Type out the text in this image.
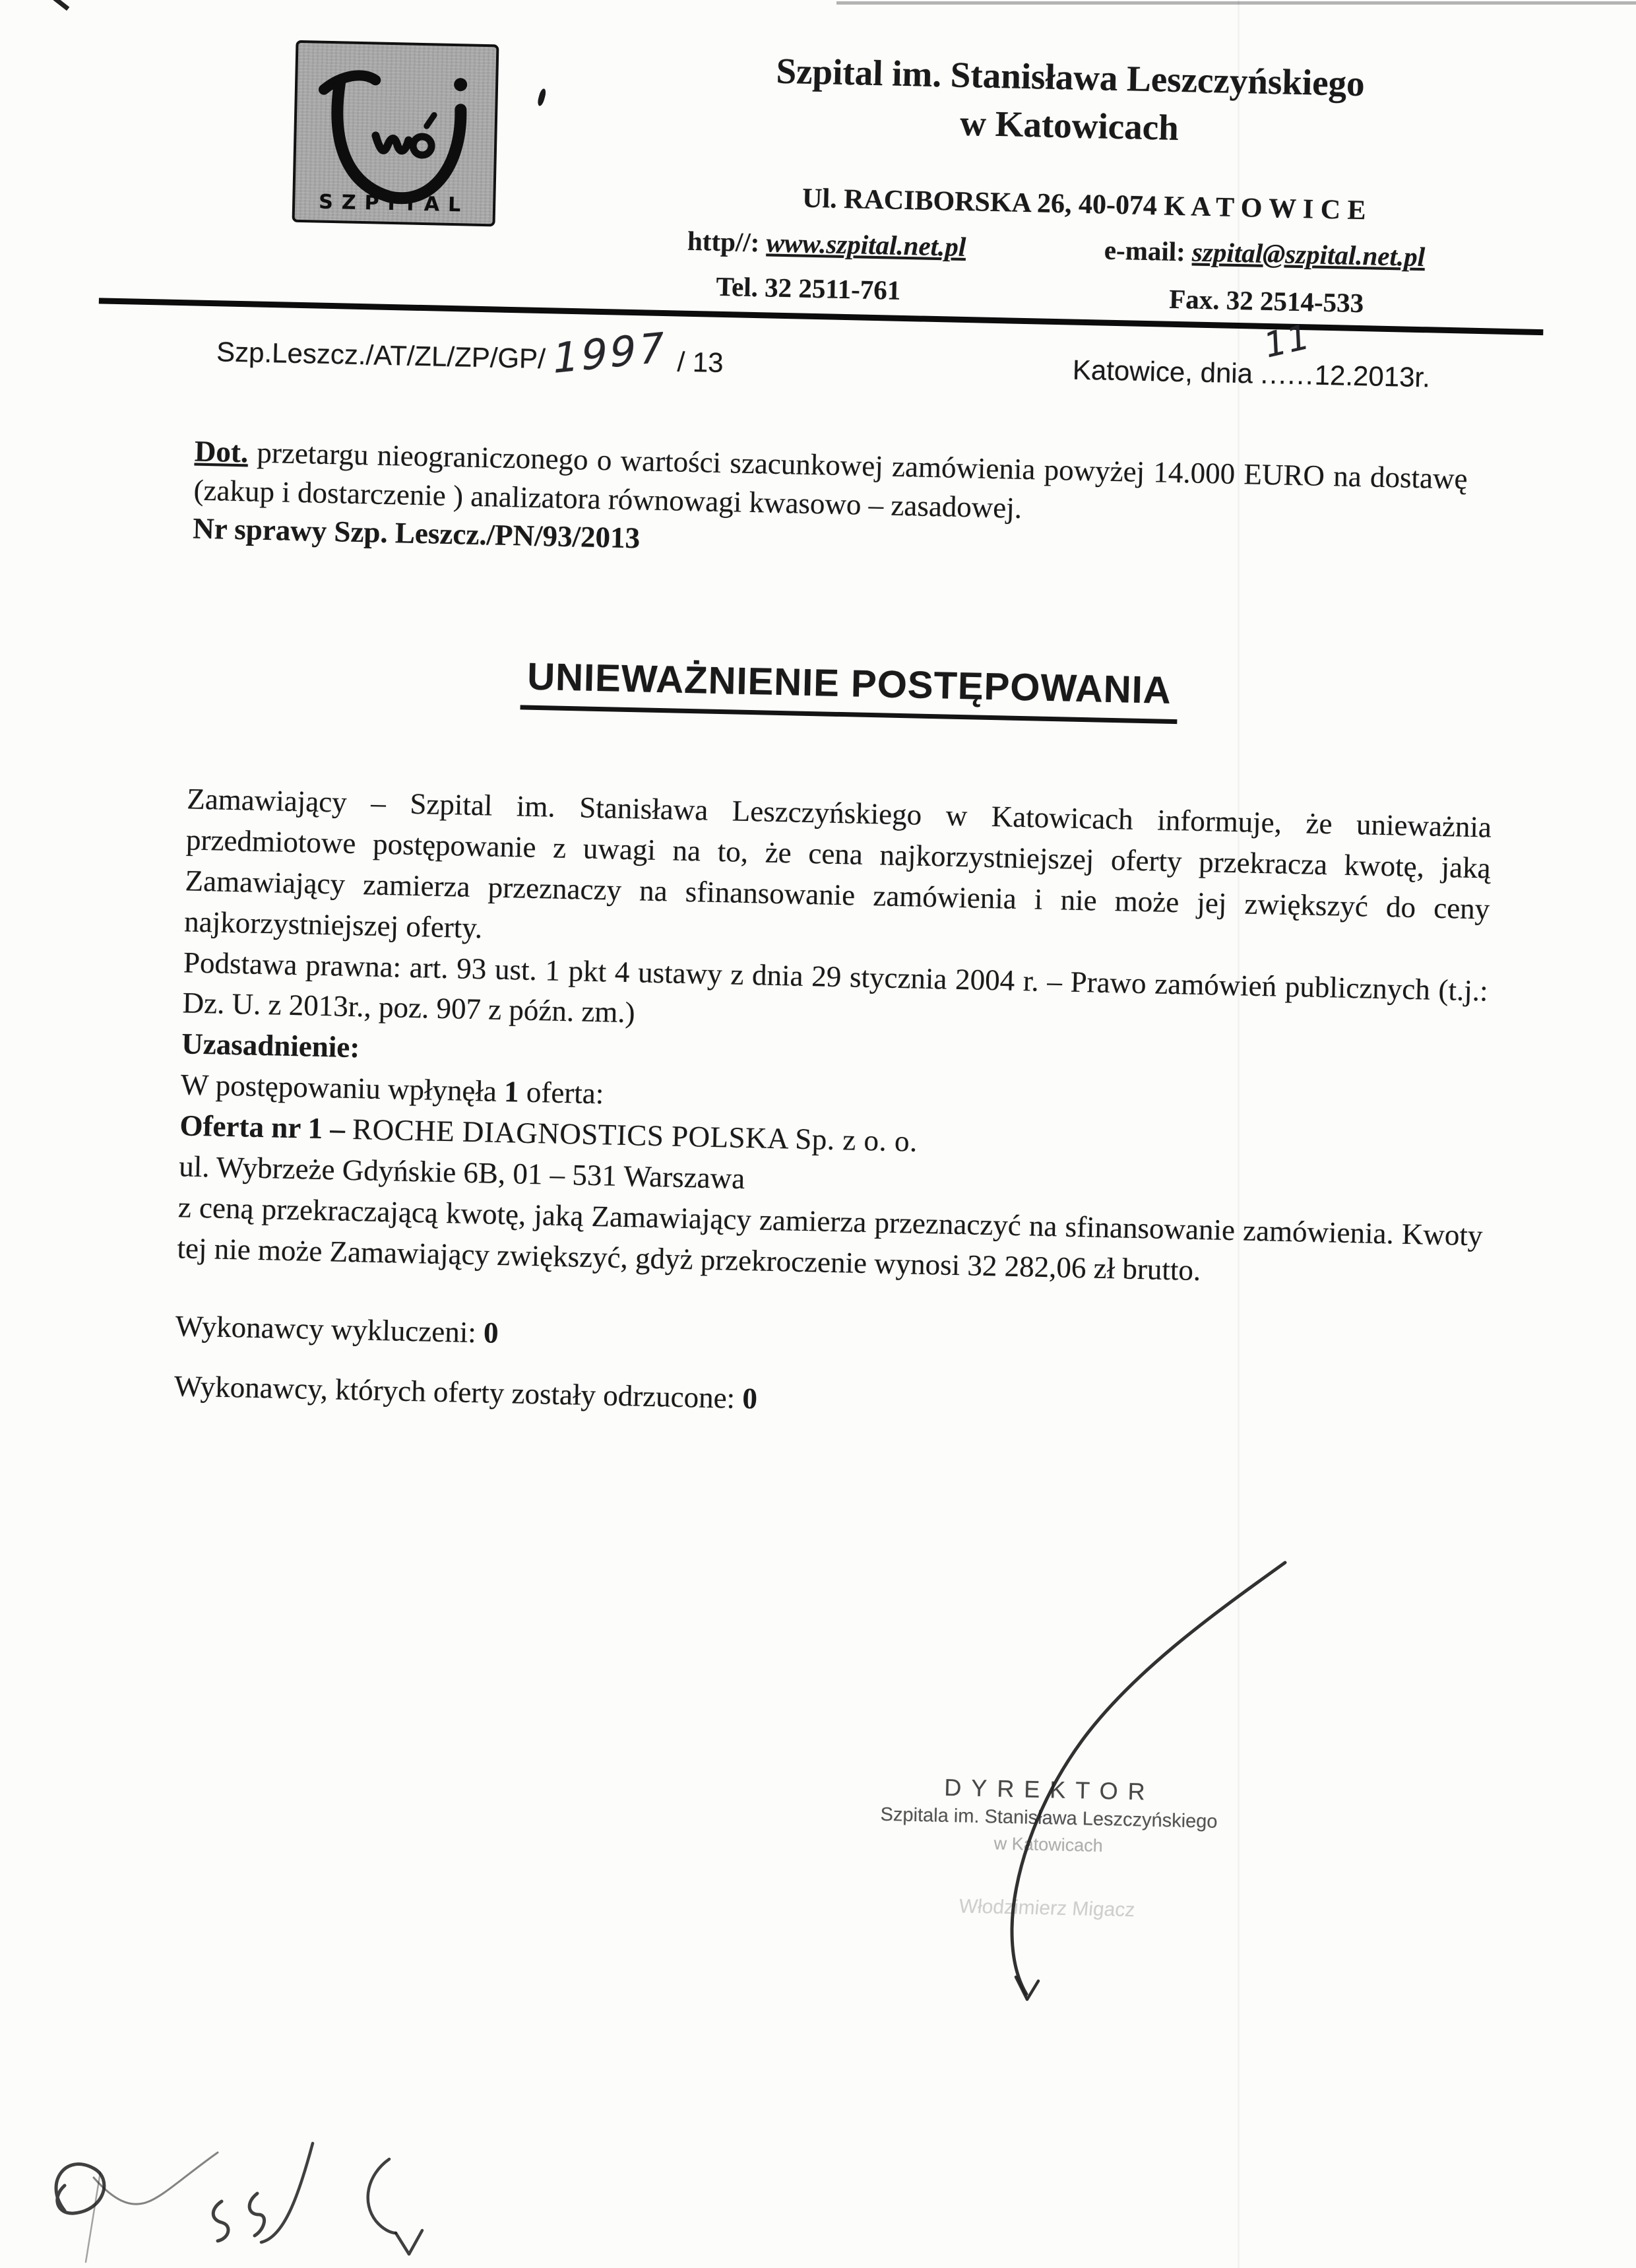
SZPITAL
Szpital im. Stanisława Leszczyńskiego
w Katowicach
Ul. RACIBORSKA 26, 40-074 K A T O W I C E
http//: www.szpital.net.pl	e-mail: szpital@szpital.net.pl
Tel. 32 2511-761	Fax. 32 2514-533
Szp.Leszcz./AT/ZL/ZP/GP/1997 / 13	Katowice, dnia ......
11
12.2013r.
Dot. przetargu nieograniczonego o wartości szacunkowej zamówienia powyżej 14.000 EURO na dostawę (zakup i dostarczenie ) analizatora równowagi kwasowo – zasadowej.
Nr sprawy Szp. Leszcz./PN/93/2013
UNIEWAŻNIENIE POSTĘPOWANIA

Zamawiający – Szpital im. Stanisława Leszczyńskiego w Katowicach informuje, że unieważnia przedmiotowe postępowanie z uwagi na to, że cena najkorzystniejszej oferty przekracza kwotę, jaką Zamawiający zamierza przeznaczy na sfinansowanie zamówienia i nie może jej zwiększyć do ceny najkorzystniejszej oferty.

Podstawa prawna: art. 93 ust. 1 pkt 4 ustawy z dnia 29 stycznia 2004 r. – Prawo zamówień publicznych (t.j.: Dz. U. z 2013r., poz. 907 z późn. zm.)

Uzasadnienie:
W postępowaniu wpłynęła 1 oferta:
Oferta nr 1 – ROCHE DIAGNOSTICS POLSKA Sp. z o. o.
ul. Wybrzeże Gdyńskie 6B, 01 – 531 Warszawa

z ceną przekraczającą kwotę, jaką Zamawiający zamierza przeznaczyć na sfinansowanie zamówienia. Kwoty tej nie może Zamawiający zwiększyć, gdyż przekroczenie wynosi 32 282,06 zł brutto.

Wykonawcy wykluczeni: 0
Wykonawcy, których oferty zostały odrzucone: 0
DYREKTOR
Szpitala im. Stanisława Leszczyńskiego
w Katowicach
Włodzimierz Migacz
